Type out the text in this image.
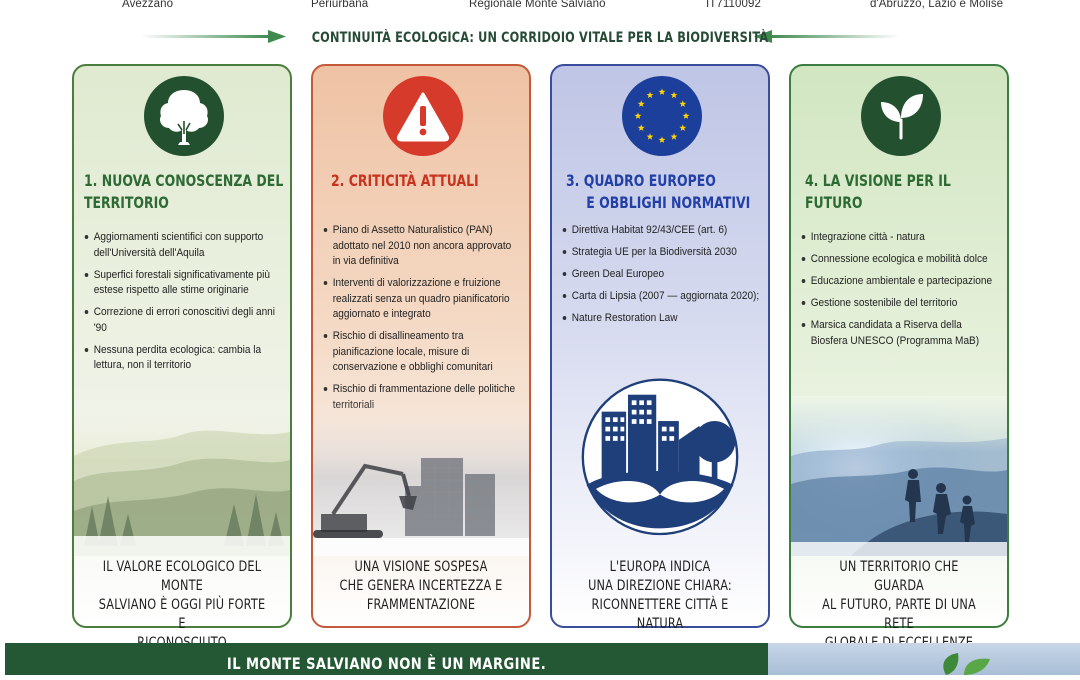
Avezzano	Periurbana	Regionale Monte Salviano	IT7110092	d'Abruzzo, Lazio e Molise
CONTINUITÀ ECOLOGICA: UN CORRIDOIO VITALE PER LA BIODIVERSITÀ
1. NUOVA CONOSCENZA DEL
TERRITORIO
Aggiornamenti scientifici con supporto dell'Università dell'Aquila
Superfici forestali significativamente più estese rispetto alle stime originarie
Correzione di errori conoscitivi degli anni '90
Nessuna perdita ecologica: cambia la lettura, non il territorio
IL VALORE ECOLOGICO DEL MONTE
SALVIANO È OGGI PIÙ FORTE E
2. CRITICITÀ ATTUALI
Piano di Assetto Naturalistico (PAN) adottato nel 2010 non ancora approvato in via definitiva
Interventi di valorizzazione e fruizione realizzati senza un quadro pianificatorio aggiornato e integrato
Rischio di disallineamento tra pianificazione locale, misure di conservazione e obblighi comunitari
Rischio di frammentazione delle politiche
UNA VISIONE SOSPESA
CHE GENERA INCERTEZZA E
FRAMMENTAZIONE
3. QUADRO EUROPEO
E OBBLIGHI NORMATIVI
Direttiva Habitat 92/43/CEE (art. 6)
Strategia UE per la Biodiversità 2030
Green Deal Europeo
Carta di Lipsia (2007 — aggiornata 2020);
Nature Restoration Law
L'EUROPA INDICA
UNA DIREZIONE CHIARA:
RICONNETTERE CITTÀ E NATURA
4. LA VISIONE PER IL FUTURO
Integrazione città - natura
Connessione ecologica e mobilità dolce
Educazione ambientale e partecipazione
Gestione sostenibile del territorio
Marsica candidata a Riserva della Biosfera UNESCO (Programma MaB)
UN TERRITORIO CHE GUARDA
AL FUTURO, PARTE DI UNA RETE
IL MONTE SALVIANO NON È UN MARGINE.
